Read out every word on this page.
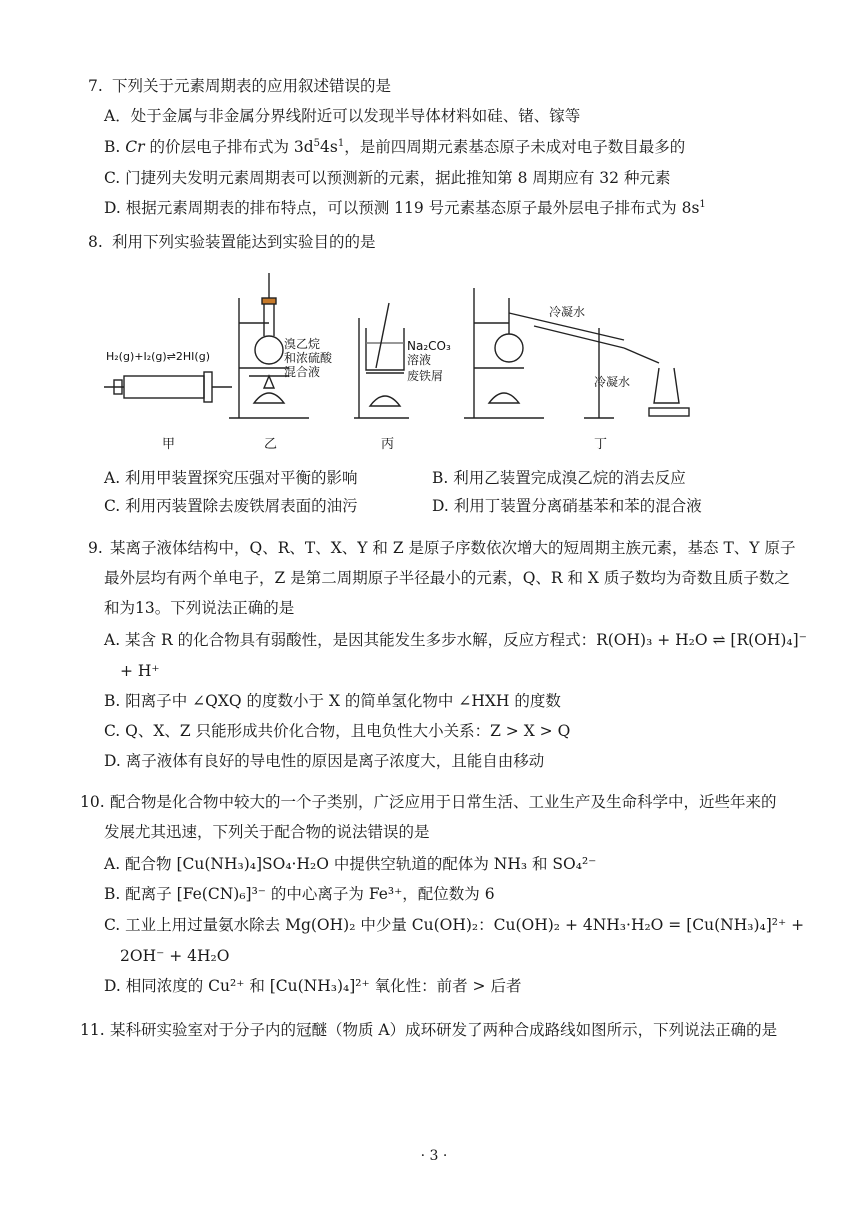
7. 下列关于元素周期表的应用叙述错误的是
A．处于金属与非金属分界线附近可以发现半导体材料如硅、锗、镓等
B. Cr 的价层电子排布式为 $3d^54s^1$，是前四周期元素基态原子未成对电子数目最多的
C. 门捷列夫发明元素周期表可以预测新的元素，据此推知第 8 周期应有 32 种元素
D. 根据元素周期表的排布特点，可以预测 119 号元素基态原子最外层电子排布式为 $8s^1$
8. 利用下列实验装置能达到实验目的的是
H₂(g)+I₂(g)⇌2HI(g)
溴乙烷
和浓硫酸
混合液
Na₂CO₃
溶液
废铁屑
冷凝水
冷凝水
甲	乙	丙	丁
A. 利用甲装置探究压强对平衡的影响	B. 利用乙装置完成溴乙烷的消去反应
C. 利用丙装置除去废铁屑表面的油污	D. 利用丁装置分离硝基苯和苯的混合液
9. 某离子液体结构中，Q、R、T、X、Y 和 Z 是原子序数依次增大的短周期主族元素，基态 T、Y 原子
最外层均有两个单电子，Z 是第二周期原子半径最小的元素，Q、R 和 X 质子数均为奇数且质子数之
和为13。下列说法正确的是
A. 某含 R 的化合物具有弱酸性，是因其能发生多步水解，反应方程式：R(OH)₃ + H₂O ⇌ [R(OH)₄]⁻
+ H⁺
B. 阳离子中 ∠QXQ 的度数小于 X 的简单氢化物中 ∠HXH 的度数
C. Q、X、Z 只能形成共价化合物，且电负性大小关系：Z > X > Q
D. 离子液体有良好的导电性的原因是离子浓度大，且能自由移动
10. 配合物是化合物中较大的一个子类别，广泛应用于日常生活、工业生产及生命科学中，近些年来的
发展尤其迅速，下列关于配合物的说法错误的是
A. 配合物 [Cu(NH₃)₄]SO₄·H₂O 中提供空轨道的配体为 NH₃ 和 SO₄²⁻
B. 配离子 [Fe(CN)₆]³⁻ 的中心离子为 Fe³⁺，配位数为 6
C. 工业上用过量氨水除去 Mg(OH)₂ 中少量 Cu(OH)₂：Cu(OH)₂ + 4NH₃·H₂O = [Cu(NH₃)₄]²⁺ +
2OH⁻ + 4H₂O
D. 相同浓度的 Cu²⁺ 和 [Cu(NH₃)₄]²⁺ 氧化性：前者 > 后者
11. 某科研实验室对于分子内的冠醚（物质 A）成环研发了两种合成路线如图所示，下列说法正确的是
· 3 ·
